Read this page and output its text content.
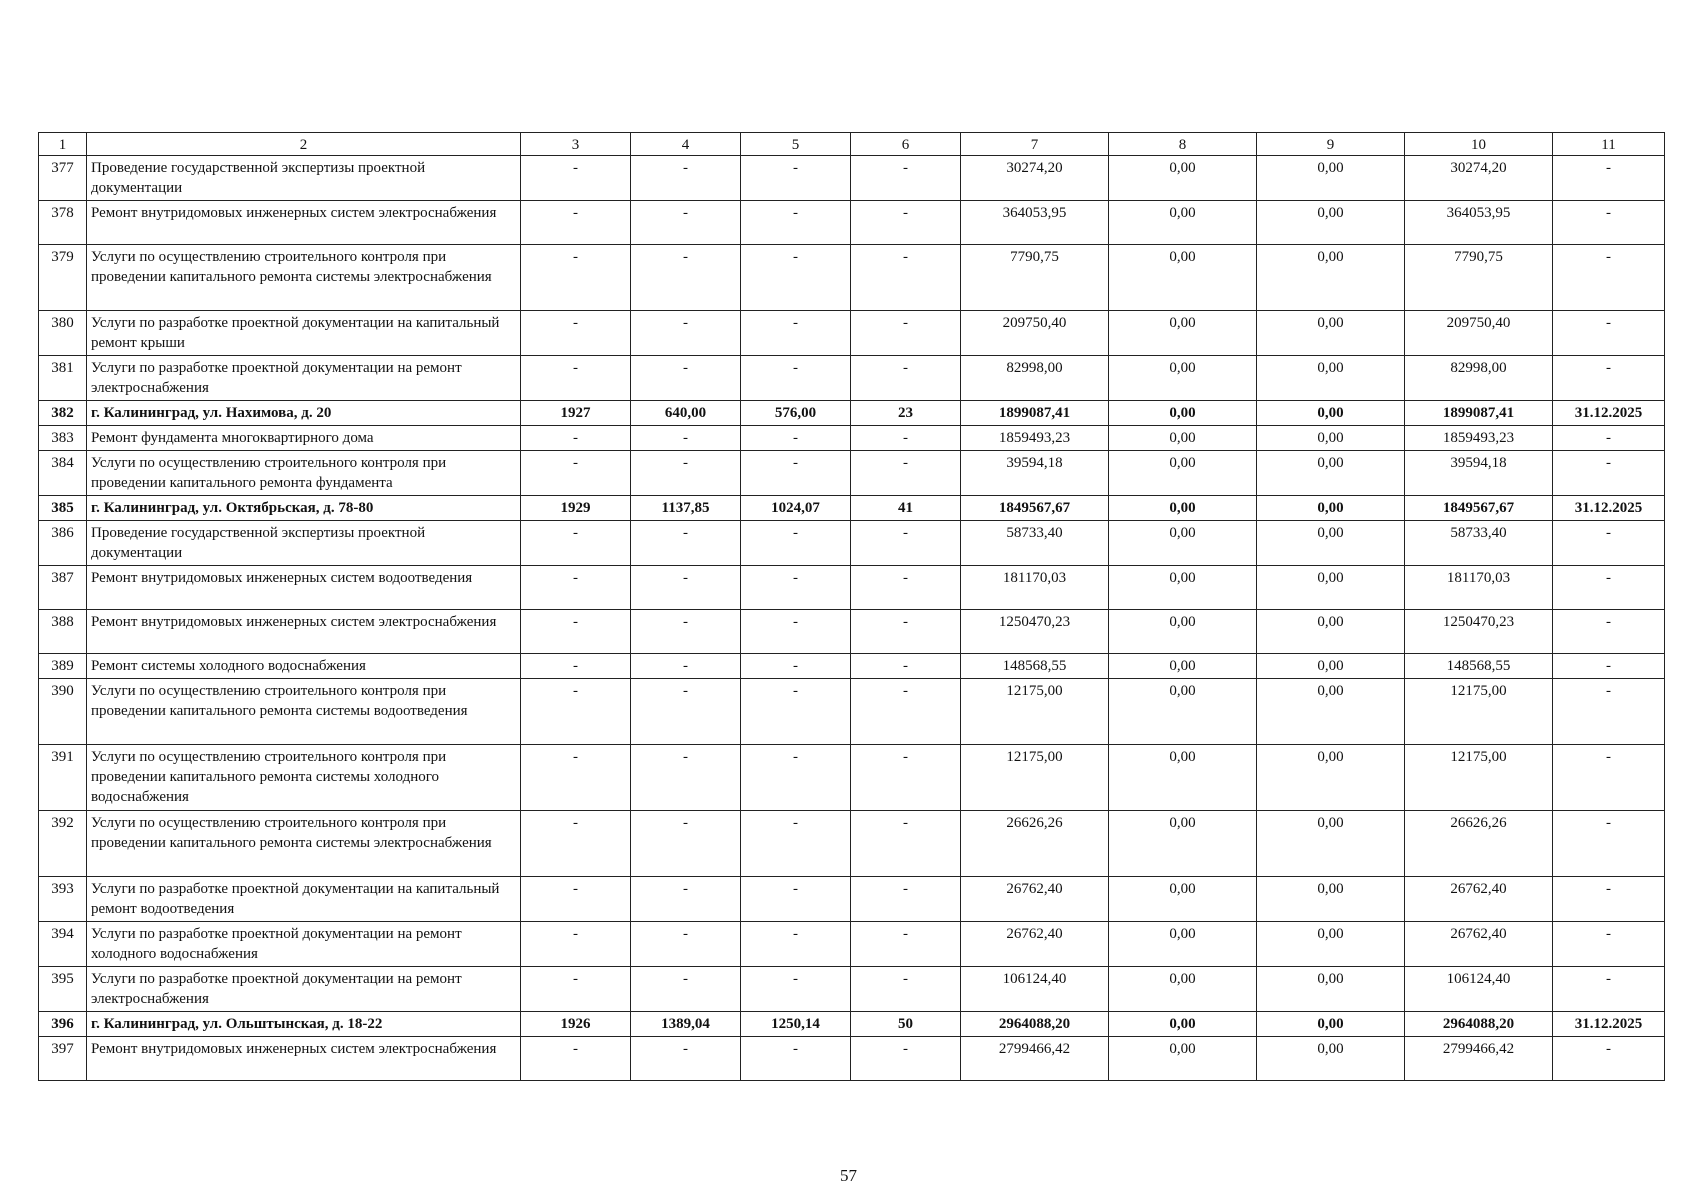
1	2	3	4	5	6	7	8	9	10	11
377	Проведение государственной экспертизы проектной документации	-	-	-	-	30274,20	0,00	0,00	30274,20	-
378	Ремонт внутридомовых инженерных систем электроснабжения	-	-	-	-	364053,95	0,00	0,00	364053,95	-
379	Услуги по осуществлению строительного контроля при проведении капитального ремонта системы электроснабжения	-	-	-	-	7790,75	0,00	0,00	7790,75	-
380	Услуги по разработке проектной документации на капитальный ремонт крыши	-	-	-	-	209750,40	0,00	0,00	209750,40	-
381	Услуги по разработке проектной документации на ремонт электроснабжения	-	-	-	-	82998,00	0,00	0,00	82998,00	-
382	г. Калининград, ул. Нахимова, д. 20	1927	640,00	576,00	23	1899087,41	0,00	0,00	1899087,41	31.12.2025
383	Ремонт фундамента многоквартирного дома	-	-	-	-	1859493,23	0,00	0,00	1859493,23	-
384	Услуги по осуществлению строительного контроля при проведении капитального ремонта фундамента	-	-	-	-	39594,18	0,00	0,00	39594,18	-
385	г. Калининград, ул. Октябрьская, д. 78-80	1929	1137,85	1024,07	41	1849567,67	0,00	0,00	1849567,67	31.12.2025
386	Проведение государственной экспертизы проектной документации	-	-	-	-	58733,40	0,00	0,00	58733,40	-
387	Ремонт внутридомовых инженерных систем водоотведения	-	-	-	-	181170,03	0,00	0,00	181170,03	-
388	Ремонт внутридомовых инженерных систем электроснабжения	-	-	-	-	1250470,23	0,00	0,00	1250470,23	-
389	Ремонт системы холодного водоснабжения	-	-	-	-	148568,55	0,00	0,00	148568,55	-
390	Услуги по осуществлению строительного контроля при проведении капитального ремонта системы водоотведения	-	-	-	-	12175,00	0,00	0,00	12175,00	-
391	Услуги по осуществлению строительного контроля при проведении капитального ремонта системы холодного водоснабжения	-	-	-	-	12175,00	0,00	0,00	12175,00	-
392	Услуги по осуществлению строительного контроля при проведении капитального ремонта системы электроснабжения	-	-	-	-	26626,26	0,00	0,00	26626,26	-
393	Услуги по разработке проектной документации на капитальный ремонт водоотведения	-	-	-	-	26762,40	0,00	0,00	26762,40	-
394	Услуги по разработке проектной документации на ремонт холодного водоснабжения	-	-	-	-	26762,40	0,00	0,00	26762,40	-
395	Услуги по разработке проектной документации на ремонт электроснабжения	-	-	-	-	106124,40	0,00	0,00	106124,40	-
396	г. Калининград, ул. Ольштынская, д. 18-22	1926	1389,04	1250,14	50	2964088,20	0,00	0,00	2964088,20	31.12.2025
397	Ремонт внутридомовых инженерных систем электроснабжения	-	-	-	-	2799466,42	0,00	0,00	2799466,42	-
57
